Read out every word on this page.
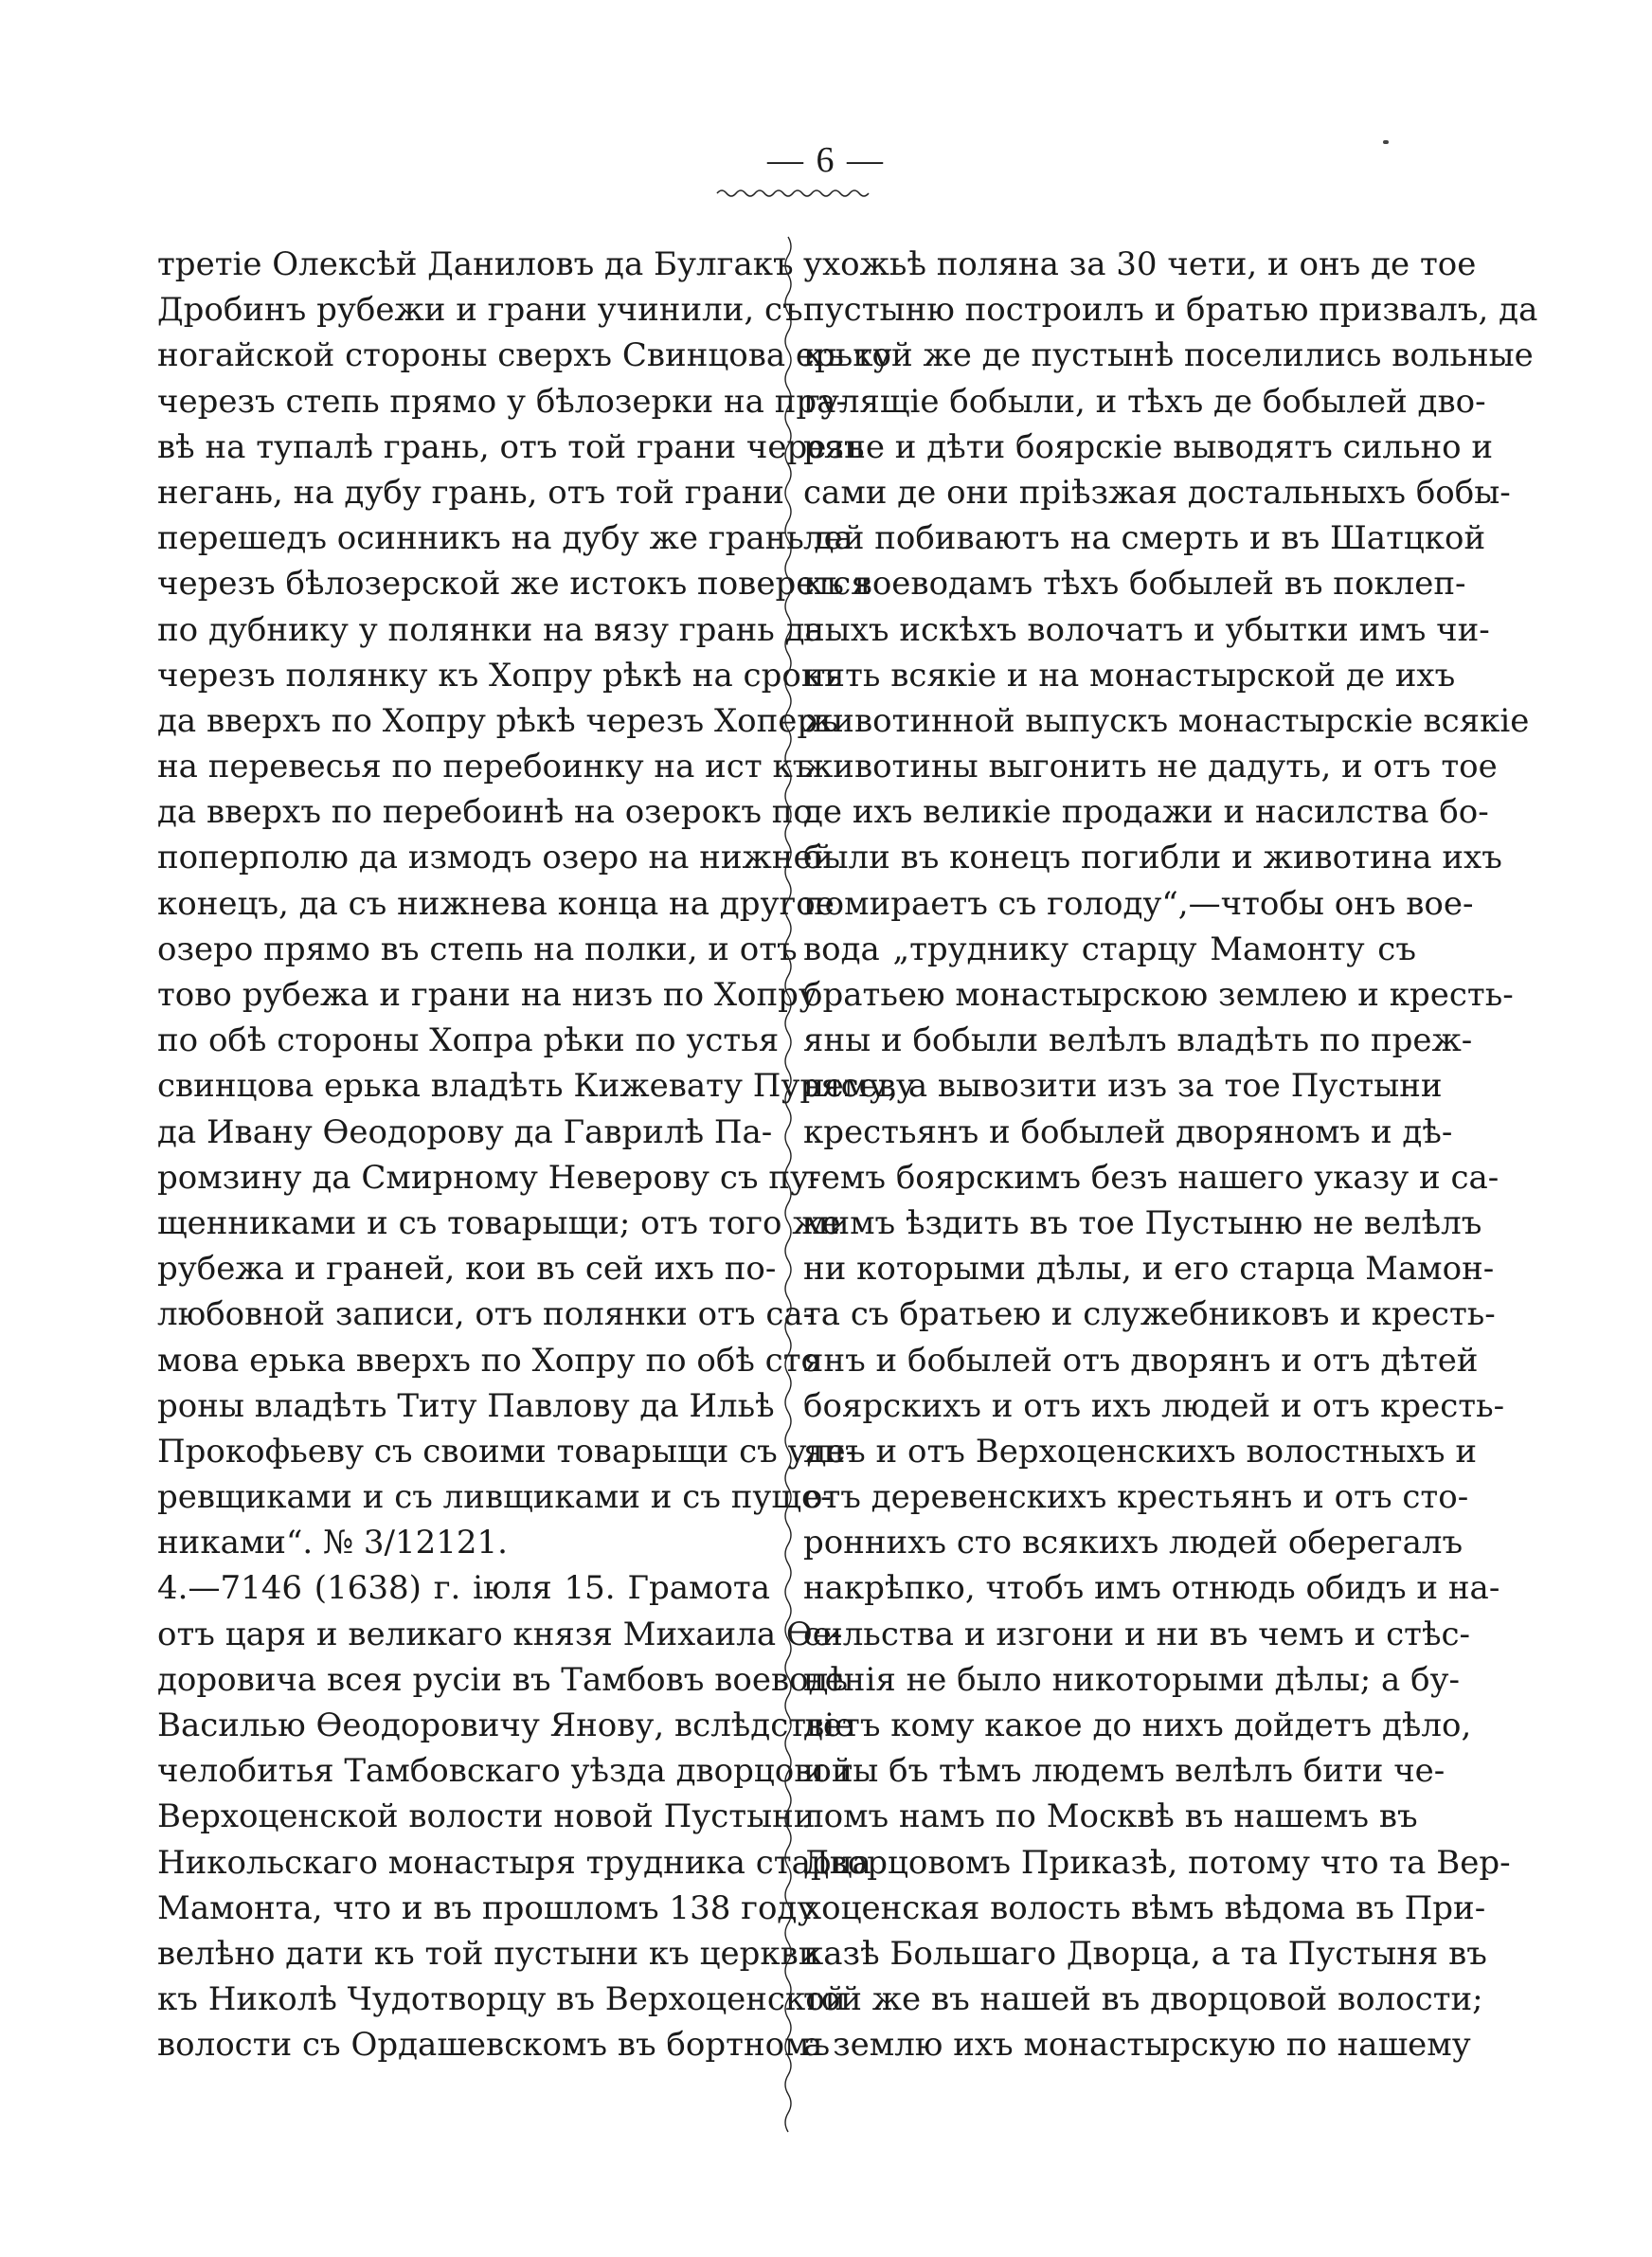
— 6 —
третіе Олексѣй Даниловъ да Булгакъ
Дробинъ рубежи и грани учинили, съ
ногайской стороны сверхъ Свинцова ерьку
черезъ степь прямо у бѣлозерки на пра-
вѣ на тупалѣ грань, отъ той грани черезъ
негань, на дубу грань, отъ той грани
перешедъ осинникъ на дубу же грань да
черезъ бѣлозерской же истокъ поверется
по дубнику у полянки на вязу грань да
черезъ полянку къ Хопру рѣкѣ на срокъ
да вверхъ по Хопру рѣкѣ черезъ Хоперъ
на перевесья по перебоинку на ист къ
да вверхъ по перебоинѣ на озерокъ по
поперполю да измодъ озеро на нижней
конецъ, да съ нижнева конца на другое
озеро прямо въ степь на полки, и отъ
тово рубежа и грани на низъ по Хопру
по обѣ стороны Хопра рѣки по устья
свинцова ерька владѣть Кижевату Пурясеву
да Ивану Ѳеодорову да Гаврилѣ Па-
ромзину да Смирному Неверову съ пу-
щенниками и съ товарыщи; отъ того же
рубежа и граней, кои въ сей ихъ по-
любовной записи, отъ полянки отъ са-
мова ерька вверхъ по Хопру по обѣ сто
роны владѣть Титу Павлову да Ильѣ
Прокофьеву съ своими товарыщи съ уде-
ревщиками и съ ливщиками и съ пуще-
никами“. № 3/12121.
4.—7146 (1638) г. іюля 15. Грамота
отъ царя и великаго князя Михаила Ѳе-
доровича всея русіи въ Тамбовъ воеводѣ
Василью Ѳеодоровичу Янову, вслѣдствіе
челобитья Тамбовскаго уѣзда дворцовой
Верхоценской волости новой Пустыни
Никольскаго монастыря трудника старца
Мамонта, что и въ прошломъ 138 году
велѣно дати къ той пустыни къ церкви
къ Николѣ Чудотворцу въ Верхоценской
волости съ Ордашевскомъ въ бортномъ
ухожьѣ поляна за 30 чети, и онъ де тое
пустыню построилъ и братью призвалъ, да
къ той же де пустынѣ поселились вольные
гулящіе бобыли, и тѣхъ де бобылей дво-
ряне и дѣти боярскіе выводятъ сильно и
сами де они пріѣзжая достальныхъ бобы-
лей побиваютъ на смерть и въ Шатцкой
къ воеводамъ тѣхъ бобылей въ поклеп-
ныхъ искѣхъ волочатъ и убытки имъ чи-
нять всякіе и на монастырской де ихъ
животинной выпускъ монастырскіе всякіе
животины выгонить не дадуть, и отъ тое
де ихъ великіе продажи и насилства бо-
были въ конецъ погибли и животина ихъ
помираетъ съ голоду“,—чтобы онъ вое-
вода „труднику старцу Мамонту съ
братьею монастырскою землею и кресть-
яны и бобыли велѣлъ владѣть по преж-
нему, а вывозити изъ за тое Пустыни
крестьянъ и бобылей дворяномъ и дѣ-
темъ боярскимъ безъ нашего указу и са-
мимъ ѣздить въ тое Пустыню не велѣлъ
ни которыми дѣлы, и его старца Мамон-
та съ братьею и служебниковъ и кресть-
янъ и бобылей отъ дворянъ и отъ дѣтей
боярскихъ и отъ ихъ людей и отъ кресть-
янъ и отъ Верхоценскихъ волостныхъ и
отъ деревенскихъ крестьянъ и отъ сто-
роннихъ сто всякихъ людей оберегалъ
накрѣпко, чтобъ имъ отнюдь обидъ и на-
сильства и изгони и ни въ чемъ и стѣс-
ненія не было никоторыми дѣлы; а бу-
детъ кому какое до нихъ дойдетъ дѣло,
и ты бъ тѣмъ людемъ велѣлъ бити че-
ломъ намъ по Москвѣ въ нашемъ въ
Дворцовомъ Приказѣ, потому что та Вер-
хоценская волость вѣмъ вѣдома въ При-
казѣ Большаго Дворца, а та Пустыня въ
той же въ нашей въ дворцовой волости;
а землю ихъ монастырскую по нашему
